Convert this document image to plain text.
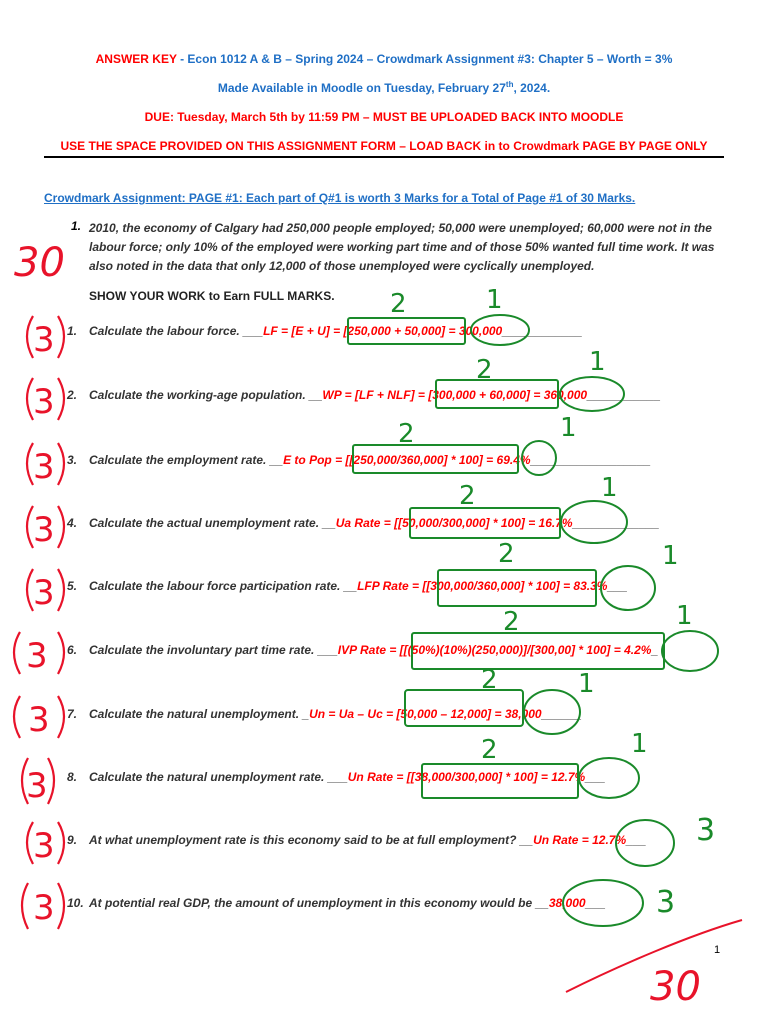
ANSWER KEY - Econ 1012 A & B – Spring 2024 – Crowdmark Assignment #3: Chapter 5 – Worth = 3%
Made Available in Moodle on Tuesday, February 27th, 2024.
DUE: Tuesday, March 5th by 11:59 PM – MUST BE UPLOADED BACK INTO MOODLE
USE THE SPACE PROVIDED ON THIS ASSIGNMENT FORM – LOAD BACK in to Crowdmark PAGE BY PAGE ONLY
Crowdmark Assignment: PAGE #1: Each part of Q#1 is worth 3 Marks for a Total of Page #1 of 30 Marks.
1. 2010, the economy of Calgary had 250,000 people employed; 50,000 were unemployed; 60,000 were not in the labour force; only 10% of the employed were working part time and of those 50% wanted full time work. It was also noted in the data that only 12,000 of those unemployed were cyclically unemployed.
SHOW YOUR WORK to Earn FULL MARKS.
1. Calculate the labour force. ___LF = [E + U] = [250,000 + 50,000] = 300,000____________
2. Calculate the working-age population. __WP = [LF + NLF] = [300,000 + 60,000] = 360,000___________
3. Calculate the employment rate. __E to Pop = [[250,000/360,000] * 100] = 69.4%__________________
4. Calculate the actual unemployment rate. __Ua Rate = [[50,000/300,000] * 100] = 16.7%_____________
5. Calculate the labour force participation rate. __LFP Rate = [[300,000/360,000] * 100] = 83.3%___
6. Calculate the involuntary part time rate. ___IVP Rate = [[(50%)(10%)(250,000)]/[300,00] * 100] = 4.2%_
7. Calculate the natural unemployment. _Un = Ua – Uc = [50,000 – 12,000] = 38,000______
8. Calculate the natural unemployment rate. ___Un Rate = [[38,000/300,000] * 100] = 12.7%___
9. At what unemployment rate is this economy said to be at full employment? __Un Rate = 12.7%___
10. At potential real GDP, the amount of unemployment in this economy would be __38,000___
1
30
3
3
3
3
3
3
3
3
3
3
2	1
2	1
2	1
2	1
2	1
2	1
2	1
2	1
3
3
30
